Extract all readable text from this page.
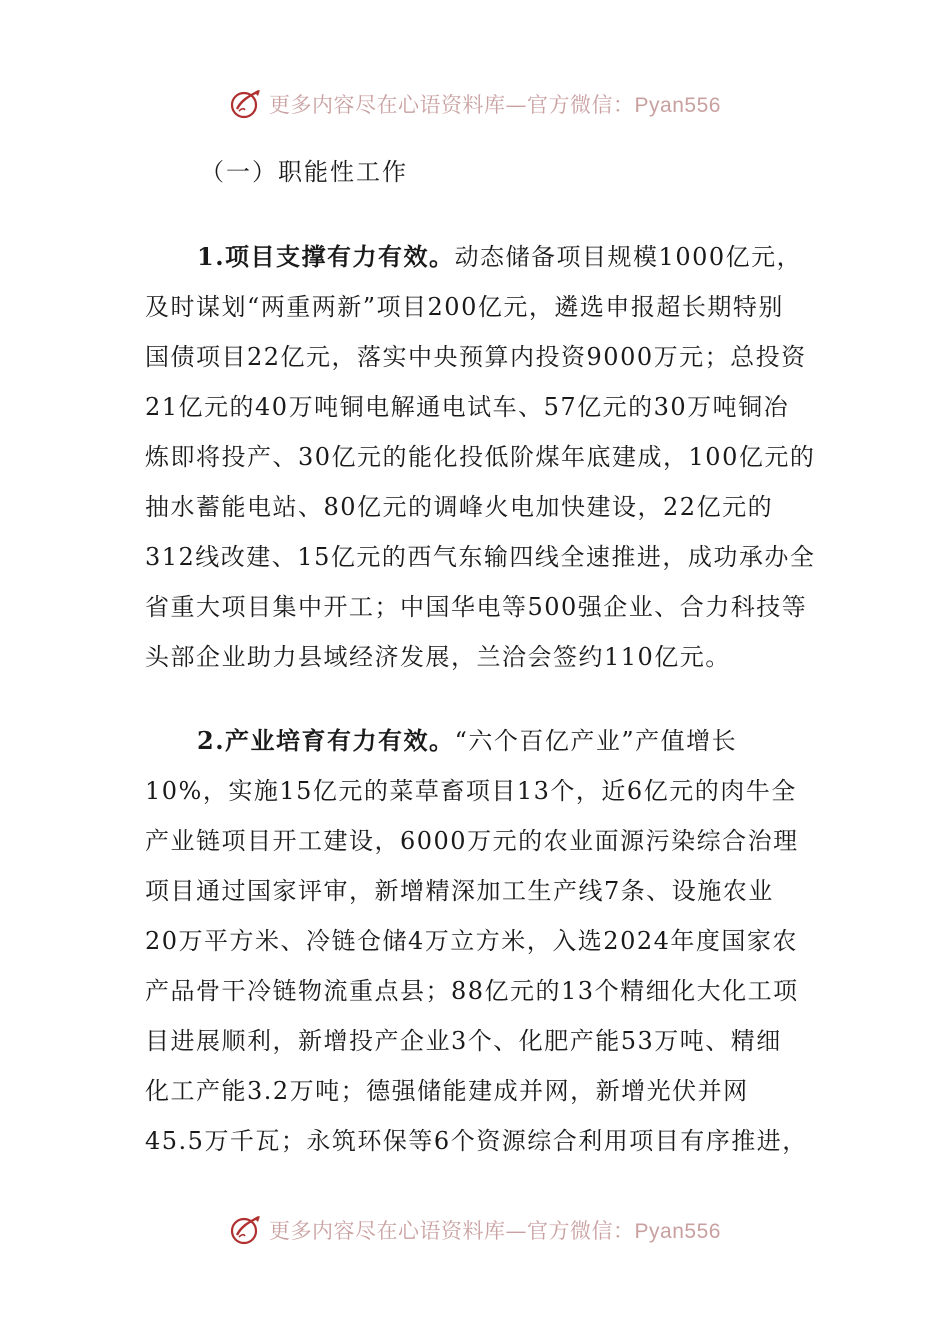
更多内容尽在心语资料库—官方微信：Pyan556
（一）职能性工作
1.项目支撑有力有效。动态储备项目规模1000亿元，
及时谋划“两重两新”项目200亿元，遴选申报超长期特别
国债项目22亿元，落实中央预算内投资9000万元；总投资
21亿元的40万吨铜电解通电试车、57亿元的30万吨铜冶
炼即将投产、30亿元的能化投低阶煤年底建成，100亿元的
抽水蓄能电站、80亿元的调峰火电加快建设，22亿元的
312线改建、15亿元的西气东输四线全速推进，成功承办全
省重大项目集中开工；中国华电等500强企业、合力科技等
头部企业助力县域经济发展，兰洽会签约110亿元。
2.产业培育有力有效。“六个百亿产业”产值增长
10%，实施15亿元的菜草畜项目13个，近6亿元的肉牛全
产业链项目开工建设，6000万元的农业面源污染综合治理
项目通过国家评审，新增精深加工生产线7条、设施农业
20万平方米、冷链仓储4万立方米，入选2024年度国家农
产品骨干冷链物流重点县；88亿元的13个精细化大化工项
目进展顺利，新增投产企业3个、化肥产能53万吨、精细
化工产能3.2万吨；德强储能建成并网，新增光伏并网
45.5万千瓦；永筑环保等6个资源综合利用项目有序推进，
更多内容尽在心语资料库—官方微信：Pyan556
